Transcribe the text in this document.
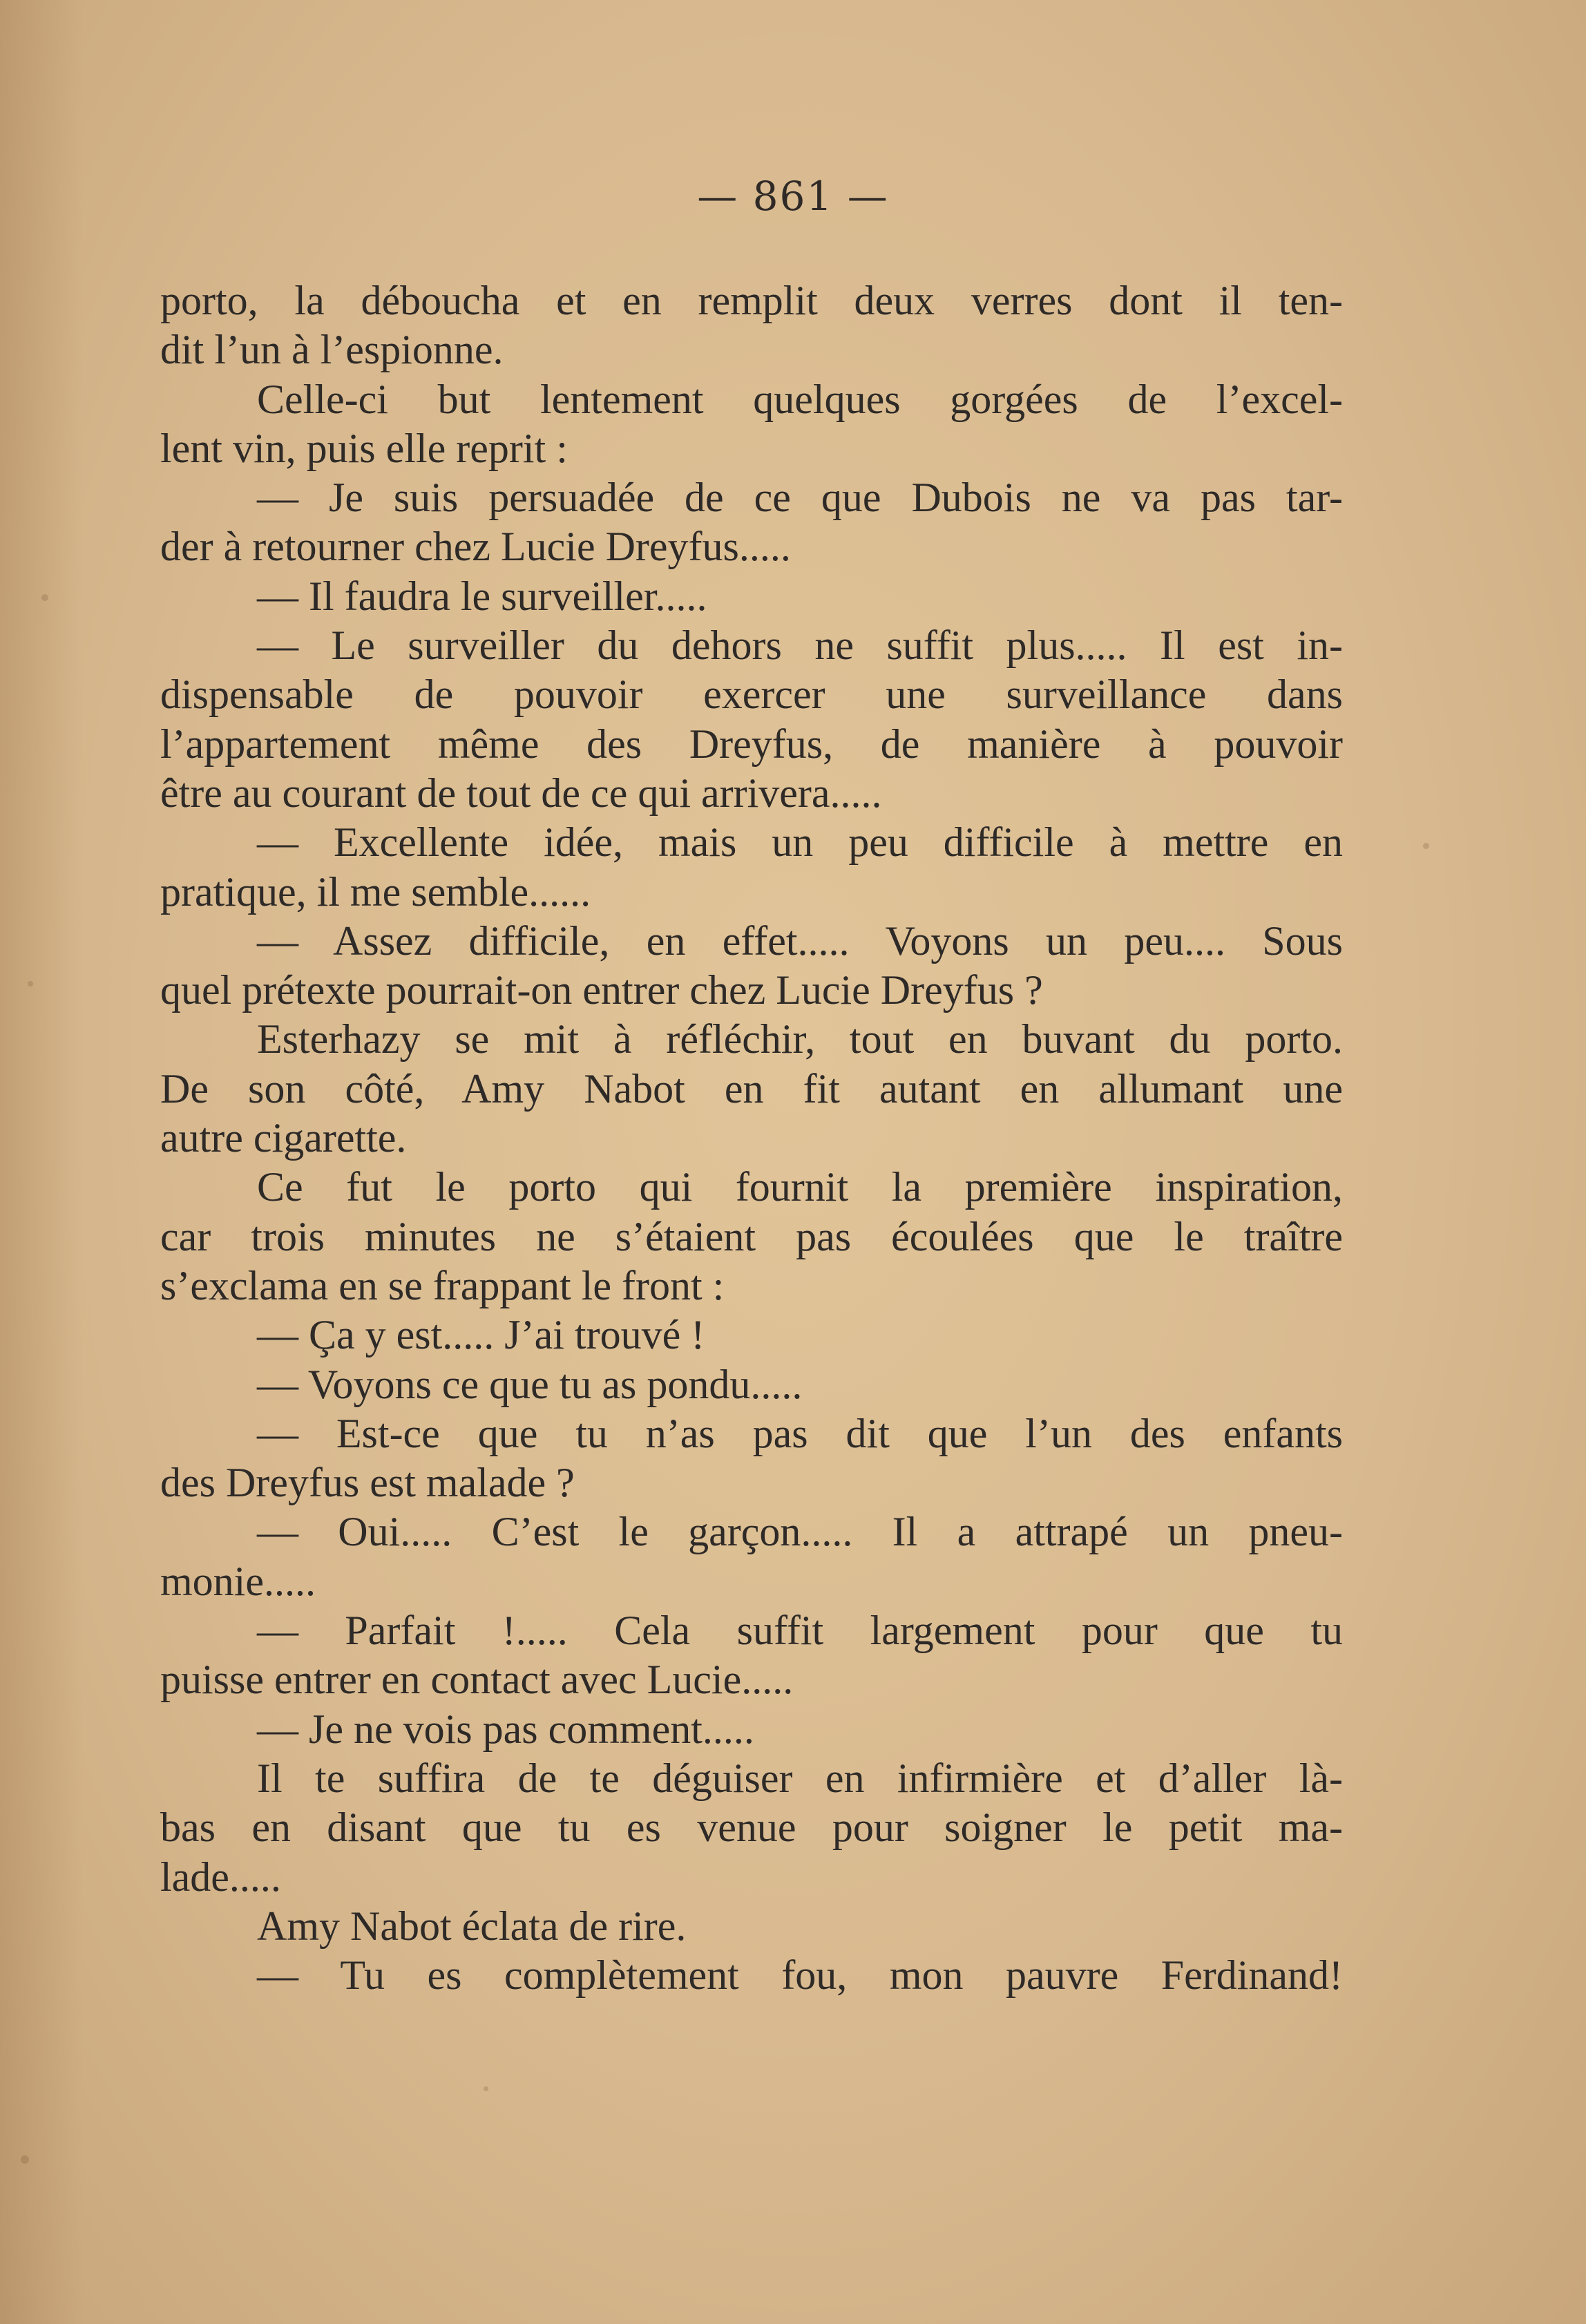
— 861 —
porto, la déboucha et en remplit deux verres dont il ten-
dit l’un à l’espionne.
Celle-ci but lentement quelques gorgées de l’excel-
lent vin, puis elle reprit :
— Je suis persuadée de ce que Dubois ne va pas tar-
der à retourner chez Lucie Dreyfus.....
— Il faudra le surveiller.....
— Le surveiller du dehors ne suffit plus..... Il est in-
dispensable de pouvoir exercer une surveillance dans
l’appartement même des Dreyfus, de manière à pouvoir
être au courant de tout de ce qui arrivera.....
— Excellente idée, mais un peu difficile à mettre en
pratique, il me semble......
— Assez difficile, en effet..... Voyons un peu.... Sous
quel prétexte pourrait-on entrer chez Lucie Dreyfus ?
Esterhazy se mit à réfléchir, tout en buvant du porto.
De son côté, Amy Nabot en fit autant en allumant une
autre cigarette.
Ce fut le porto qui fournit la première inspiration,
car trois minutes ne s’étaient pas écoulées que le traître
s’exclama en se frappant le front :
— Ça y est..... J’ai trouvé !
— Voyons ce que tu as pondu.....
— Est-ce que tu n’as pas dit que l’un des enfants
des Dreyfus est malade ?
— Oui..... C’est le garçon..... Il a attrapé un pneu-
monie.....
— Parfait !..... Cela suffit largement pour que tu
puisse entrer en contact avec Lucie.....
— Je ne vois pas comment.....
Il te suffira de te déguiser en infirmière et d’aller là-
bas en disant que tu es venue pour soigner le petit ma-
lade.....
Amy Nabot éclata de rire.
— Tu es complètement fou, mon pauvre Ferdinand!
